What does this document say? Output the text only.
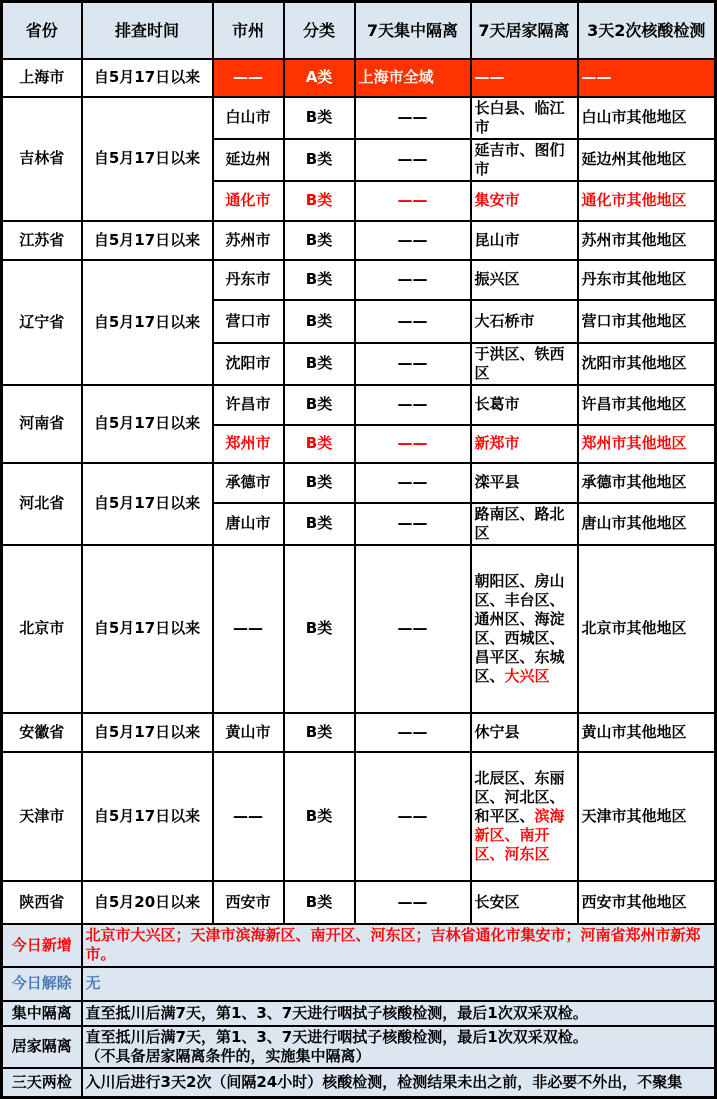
省份	排查时间	市州	分类	7天集中隔离	7天居家隔离	3天2次核酸检测
上海市	自5月17日以来	——	A类	上海市全域	——	——
吉林省	自5月17日以来	白山市	B类	——	长白县、临江市	白山市其他地区
		延边州	B类	——	延吉市、图们市	延边州其他地区
		通化市	B类	——	集安市	通化市其他地区
江苏省	自5月17日以来	苏州市	B类	——	昆山市	苏州市其他地区
辽宁省	自5月17日以来	丹东市	B类	——	振兴区	丹东市其他地区
		营口市	B类	——	大石桥市	营口市其他地区
		沈阳市	B类	——	于洪区、铁西区	沈阳市其他地区
河南省	自5月17日以来	许昌市	B类	——	长葛市	许昌市其他地区
		郑州市	B类	——	新郑市	郑州市其他地区
河北省	自5月17日以来	承德市	B类	——	滦平县	承德市其他地区
		唐山市	B类	——	路南区、路北区	唐山市其他地区
北京市	自5月17日以来	——	B类	——	朝阳区、房山区、丰台区、通州区、海淀区、西城区、昌平区、东城区、大兴区	北京市其他地区
安徽省	自5月17日以来	黄山市	B类	——	休宁县	黄山市其他地区
天津市	自5月17日以来	——	B类	——	北辰区、东丽区、河北区、和平区、滨海新区、南开区、河东区	天津市其他地区
陕西省	自5月20日以来	西安市	B类	——	长安区	西安市其他地区
今日新增	北京市大兴区；天津市滨海新区、南开区、河东区；吉林省通化市集安市；河南省郑州市新郑市。					
今日解除	无					
集中隔离	直至抵川后满7天，第1、3、7天进行咽拭子核酸检测，最后1次双采双检。					
居家隔离	直至抵川后满7天，第1、3、7天进行咽拭子核酸检测，最后1次双采双检。
（不具备居家隔离条件的，实施集中隔离）					
三天两检	入川后进行3天2次（间隔24小时）核酸检测，检测结果未出之前，非必要不外出，不聚集					
